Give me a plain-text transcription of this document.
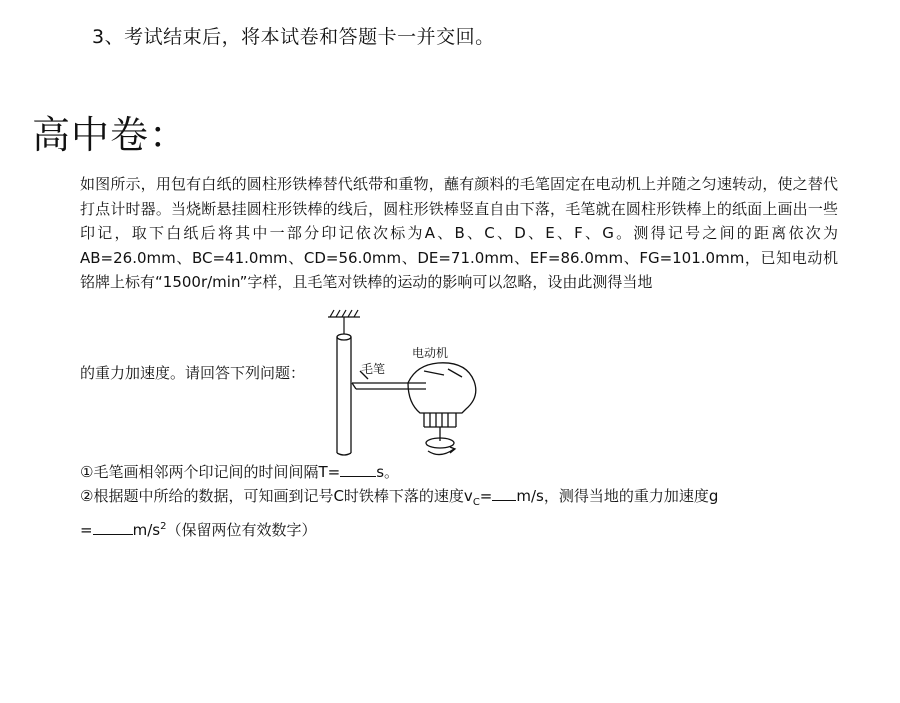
3、考试结束后，将本试卷和答题卡一并交回。
高中卷：

如图所示，用包有白纸的圆柱形铁棒替代纸带和重物，蘸有颜料的毛笔固定在电动机上并随之匀速转动，使之替代打点计时器。当烧断悬挂圆柱形铁棒的线后，圆柱形铁棒竖直自由下落，毛笔就在圆柱形铁棒上的纸面上画出一些印记，取下白纸后将其中一部分印记依次标为A、B、C、D、E、F、G。测得记号之间的距离依次为AB=26.0mm、BC=41.0mm、CD=56.0mm、DE=71.0mm、EF=86.0mm、FG=101.0mm，已知电动机铭牌上标有“1500r/min”字样，且毛笔对铁棒的运动的影响可以忽略，设由此测得当地

的重力加速度。请回答下列问题：	毛笔
电动机

①毛笔画相邻两个印记间的时间间隔T= s。

②根据题中所给的数据，可知画到记号C时铁棒下落的速度$v_C= m/s$，测得当地的重力加速度g

=	$m/s^2$（保留两位有效数字）
